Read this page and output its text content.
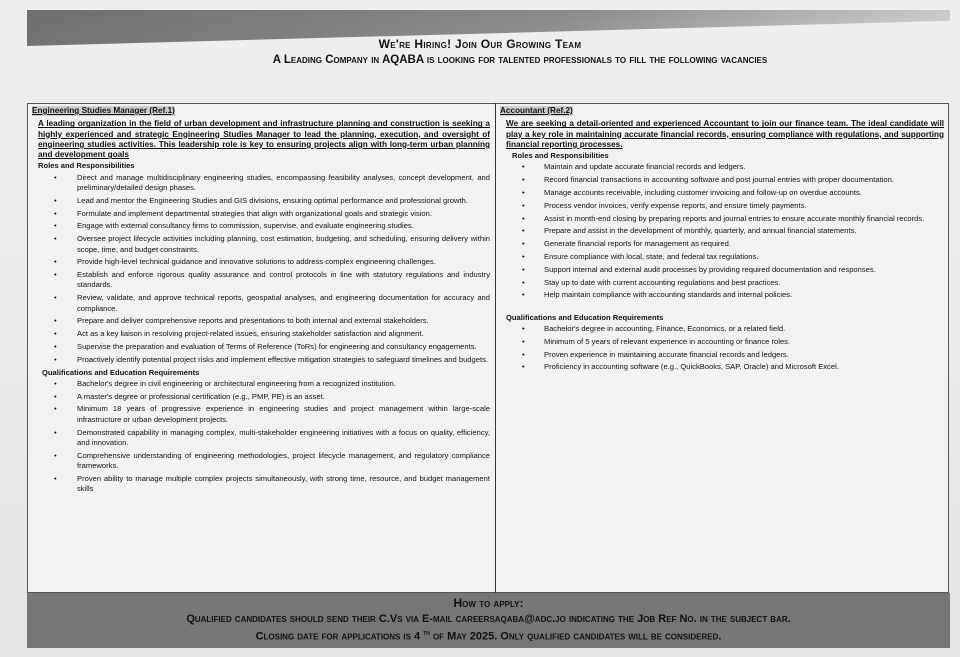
We're Hiring! Join Our Growing Team
A Leading Company in AQABA is looking for talented professionals to fill the following vacancies
Engineering Studies Manager (Ref.1)
A leading organization in the field of urban development and infrastructure planning and construction is seeking a highly experienced and strategic Engineering Studies Manager to lead the planning, execution, and oversight of engineering studies activities. This leadership role is key to ensuring projects align with long-term urban planning and development goals
Roles and Responsibilities
• Direct and manage multidisciplinary engineering studies, encompassing feasibility analyses, concept development, and preliminary/detailed design phases.
• Lead and mentor the Engineering Studies and GIS divisions, ensuring optimal performance and professional growth.
• Formulate and implement departmental strategies that align with organizational goals and strategic vision.
• Engage with external consultancy firms to commission, supervise, and evaluate engineering studies.
• Oversee project lifecycle activities including planning, cost estimation, budgeting, and scheduling, ensuring delivery within scope, time, and budget constraints.
• Provide high-level technical guidance and innovative solutions to address complex engineering challenges.
• Establish and enforce rigorous quality assurance and control protocols in line with statutory regulations and industry standards.
• Review, validate, and approve technical reports, geospatial analyses, and engineering documentation for accuracy and compliance.
• Prepare and deliver comprehensive reports and presentations to both internal and external stakeholders.
• Act as a key liaison in resolving project-related issues, ensuring stakeholder satisfaction and alignment.
• Supervise the preparation and evaluation of Terms of Reference (ToRs) for engineering and consultancy engagements.
• Proactively identify potential project risks and implement effective mitigation strategies to safeguard timelines and budgets.
Qualifications and Education Requirements
• Bachelor's degree in civil engineering or architectural engineering from a recognized institution.
• A master's degree or professional certification (e.g., PMP, PE) is an asset.
• Minimum 18 years of progressive experience in engineering studies and project management within large-scale infrastructure or urban development projects.
• Demonstrated capability in managing complex, multi-stakeholder engineering initiatives with a focus on quality, efficiency, and innovation.
• Comprehensive understanding of engineering methodologies, project lifecycle management, and regulatory compliance frameworks.
• Proven ability to manage multiple complex projects simultaneously, with strong time, resource, and budget management skills
Accountant (Ref.2)
We are seeking a detail-oriented and experienced Accountant to join our finance team. The ideal candidate will play a key role in maintaining accurate financial records, ensuring compliance with regulations, and supporting financial reporting processes.
Roles and Responsibilities
• Maintain and update accurate financial records and ledgers.
• Record financial transactions in accounting software and post journal entries with proper documentation.
• Manage accounts receivable, including customer invoicing and follow-up on overdue accounts.
• Process vendor invoices, verify expense reports, and ensure timely payments.
• Assist in month-end closing by preparing reports and journal entries to ensure accurate monthly financial records.
• Prepare and assist in the development of monthly, quarterly, and annual financial statements.
• Generate financial reports for management as required.
• Ensure compliance with local, state, and federal tax regulations.
• Support internal and external audit processes by providing required documentation and responses.
• Stay up to date with current accounting regulations and best practices.
• Help maintain compliance with accounting standards and internal policies.
Qualifications and Education Requirements
• Bachelor's degree in accounting, Finance, Economics, or a related field.
• Minimum of 5 years of relevant experience in accounting or finance roles.
• Proven experience in maintaining accurate financial records and ledgers.
• Proficiency in accounting software (e.g., QuickBooks, SAP, Oracle) and Microsoft Excel.
How to apply:
Qualified candidates should send their C.Vs via E-mail careersaqaba@adc.jo indicating the Job Ref No. in the subject bar.
Closing date for applications is 4 $^{th}$ of May 2025. Only qualified candidates will be considered.
